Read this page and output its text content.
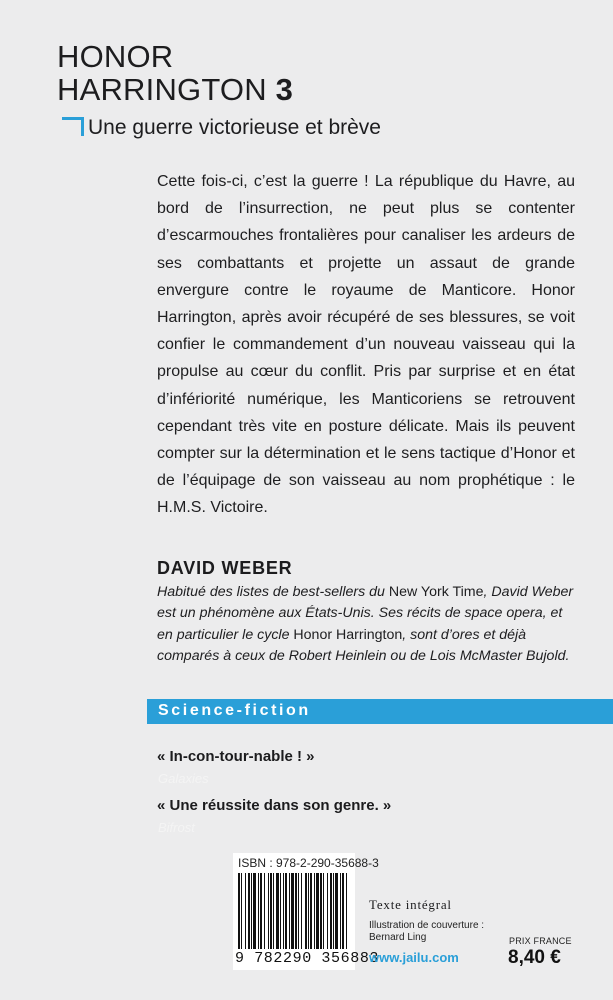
HONOR
HARRINGTON 3
Une guerre victorieuse et brève
Cette fois-ci, c’est la guerre ! La république du Havre, au bord de l’insurrection, ne peut plus se contenter d’escarmouches frontalières pour canaliser les ardeurs de ses combattants et projette un assaut de grande envergure contre le royaume de Manticore. Honor Harrington, après avoir récupéré de ses blessures, se voit confier le commandement d’un nouveau vaisseau qui la propulse au cœur du conflit. Pris par surprise et en état d’infériorité numérique, les Manticoriens se retrouvent cependant très vite en posture délicate. Mais ils peuvent compter sur la détermination et le sens tactique d’Honor et de l’équipage de son vaisseau au nom prophétique : le H.M.S. Victoire.
DAVID WEBER
Habitué des listes de best-sellers du New York Time, David Weber est un phénomène aux États-Unis. Ses récits de space opera, et en particulier le cycle Honor Harrington, sont d’ores et déjà comparés à ceux de Robert Heinlein ou de Lois McMaster Bujold.
Science-fiction
« In-con-tour-nable ! »
Galaxies
« Une réussite dans son genre. »
Bifrost
ISBN : 978-2-290-35688-3
9 782290 356883
Texte intégral
Illustration de couverture :
Bernard Ling
www.jailu.com
PRIX FRANCE
8,40 €
